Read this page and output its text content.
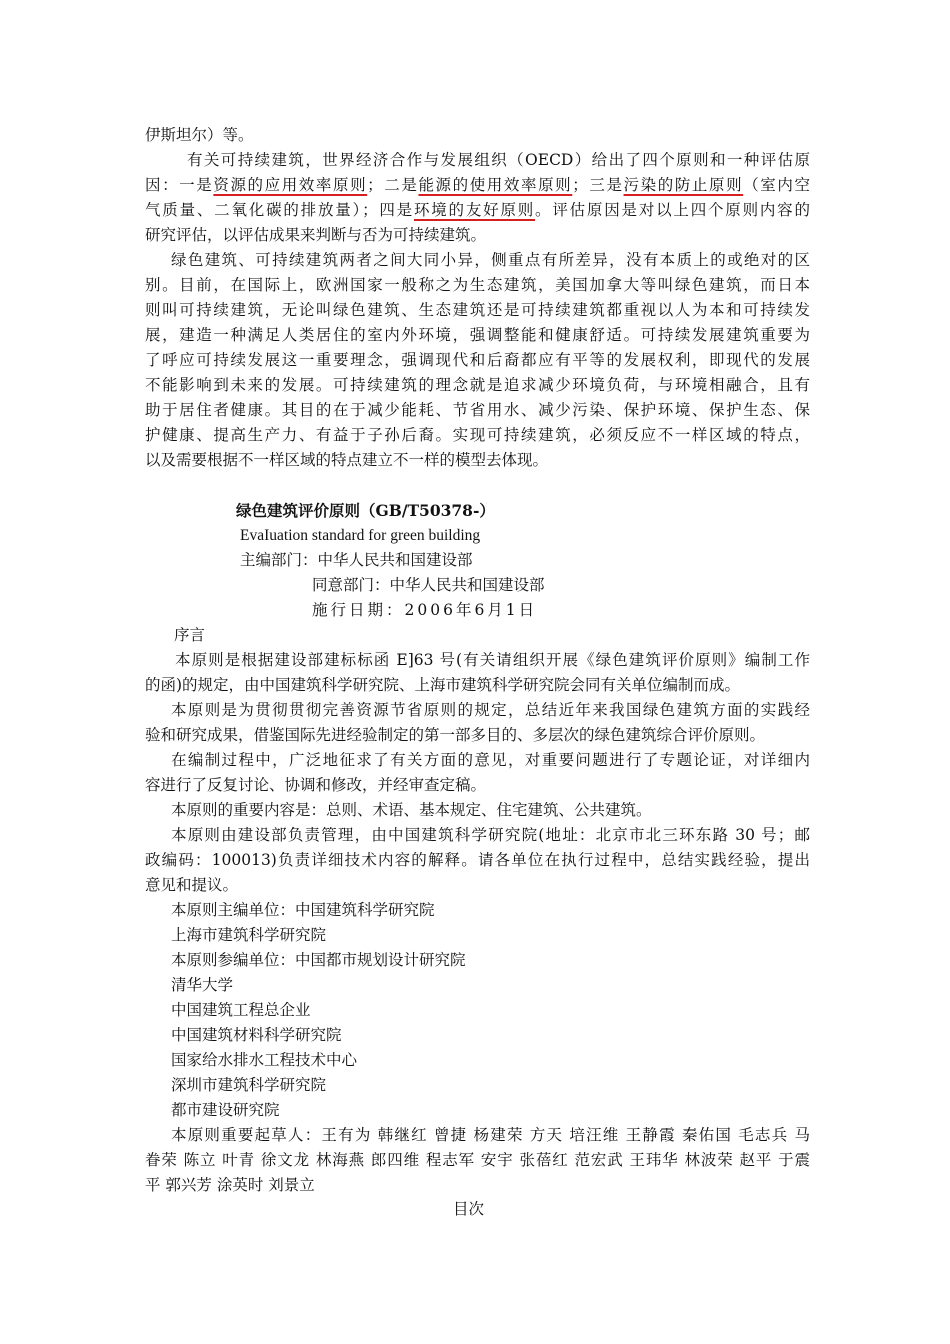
伊斯坦尔）等。
有关可持续建筑，世界经济合作与发展组织（OECD）给出了四个原则和一种评估原
因：一是资源的应用效率原则；二是能源的使用效率原则；三是污染的防止原则（室内空
气质量、二氧化碳的排放量）；四是环境的友好原则。评估原因是对以上四个原则内容的
研究评估，以评估成果来判断与否为可持续建筑。
绿色建筑、可持续建筑两者之间大同小异，侧重点有所差异，没有本质上的或绝对的区
别。目前，在国际上，欧洲国家一般称之为生态建筑，美国加拿大等叫绿色建筑，而日本
则叫可持续建筑，无论叫绿色建筑、生态建筑还是可持续建筑都重视以人为本和可持续发
展，建造一种满足人类居住的室内外环境，强调整能和健康舒适。可持续发展建筑重要为
了呼应可持续发展这一重要理念，强调现代和后裔都应有平等的发展权利，即现代的发展
不能影响到未来的发展。可持续建筑的理念就是追求减少环境负荷，与环境相融合，且有
助于居住者健康。其目的在于减少能耗、节省用水、减少污染、保护环境、保护生态、保
护健康、提高生产力、有益于子孙后裔。实现可持续建筑，必须反应不一样区域的特点，
以及需要根据不一样区域的特点建立不一样的模型去体现。
绿色建筑评价原则（GB/T50378-）
EvaIuation standard for green building
主编部门：中华人民共和国建设部
同意部门：中华人民共和国建设部
施行日期：2006年6月1日
序言
本原则是根据建设部建标标函 E]63 号(有关请组织开展《绿色建筑评价原则》编制工作
的函)的规定，由中国建筑科学研究院、上海市建筑科学研究院会同有关单位编制而成。
本原则是为贯彻贯彻完善资源节省原则的规定，总结近年来我国绿色建筑方面的实践经
验和研究成果，借鉴国际先进经验制定的第一部多目的、多层次的绿色建筑综合评价原则。
在编制过程中，广泛地征求了有关方面的意见，对重要问题进行了专题论证，对详细内
容进行了反复讨论、协调和修改，并经审查定稿。
本原则的重要内容是：总则、术语、基本规定、住宅建筑、公共建筑。
本原则由建设部负责管理，由中国建筑科学研究院(地址：北京市北三环东路 30 号；邮
政编码：100013)负责详细技术内容的解释。请各单位在执行过程中，总结实践经验，提出
意见和提议。
本原则主编单位：中国建筑科学研究院
上海市建筑科学研究院
本原则参编单位：中国都市规划设计研究院
清华大学
中国建筑工程总企业
中国建筑材料科学研究院
国家给水排水工程技术中心
深圳市建筑科学研究院
都市建设研究院
本原则重要起草人：王有为 韩继红 曾捷 杨建荣 方天 培汪维 王静霞 秦佑国 毛志兵 马
眷荣 陈立 叶青 徐文龙 林海燕 郎四维 程志军 安宇 张蓓红 范宏武 王玮华 林波荣 赵平 于震
平 郭兴芳 涂英时 刘景立
目次
